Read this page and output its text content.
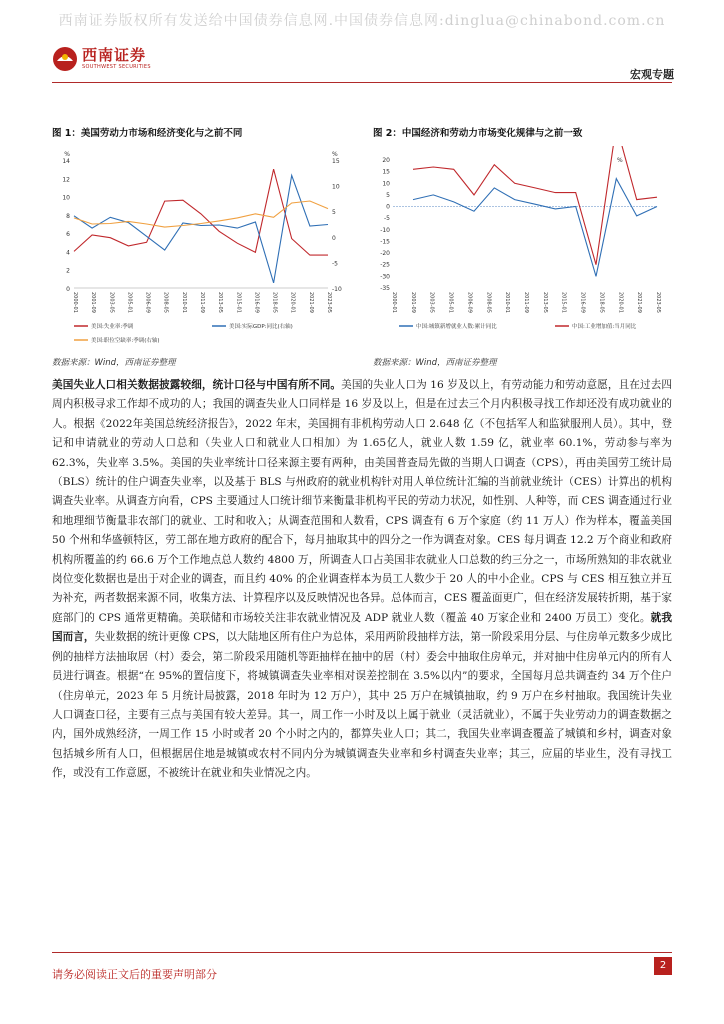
西南证券版权所有发送给中国债券信息网.中国债券信息网:dinglua@chinabond.com.cn
西南证券
SOUTHWEST SECURITIES
宏观专题
图 1：美国劳动力市场和经济变化与之前不同
14
12
10
8
6
4
2
0
15
10
5
0
-5
-10
%	%
2000-01 2001-09 2003-05 2005-01 2006-09 2008-05 2010-01 2011-09 2013-05 2015-01 2016-09 2018-05 2020-01 2021-09 2023-05
美国:失业率:季调	美国:实际GDP:同比(右轴)
美国:职位空缺率:季调(右轴)
数据来源：Wind，西南证券整理
图 2：中国经济和劳动力市场变化规律与之前一致
20
15
10
5
0
-5
-10
-15
-20
-25
-30
-35
%
2000-01	2001-09	2003-05	2005-01	2006-09	2008-05	2010-01	2011-09	2013-05	2015-01	2016-09	2018-05	2020-01	2021-09	2023-05
中国:城镇新增就业人数:累计同比	中国:工业增加值:当月同比
数据来源：Wind，西南证券整理
美国失业人口相关数据披露较细，统计口径与中国有所不同。美国的失业人口为 16 岁及以上，有劳动能力和劳动意愿，且在过去四周内积极寻求工作却不成功的人；我国的调查失业人口同样是 16 岁及以上，但是在过去三个月内积极寻找工作却还没有成功就业的人。根据《2022年美国总统经济报告》，2022 年末，美国拥有非机构劳动人口 2.648 亿（不包括军人和监狱服刑人员）。其中，登记和申请就业的劳动人口总和（失业人口和就业人口相加）为 1.65亿人，就业人数 1.59 亿，就业率 60.1%，劳动参与率为 62.3%，失业率 3.5%。美国的失业率统计口径来源主要有两种，由美国普查局先做的当期人口调查（CPS），再由美国劳工统计局（BLS）统计的住户调查失业率，以及基于 BLS 与州政府的就业机构针对用人单位统计汇编的当前就业统计（CES）计算出的机构调查失业率。从调查方向看，CPS 主要通过人口统计细节来衡量非机构平民的劳动力状况，如性别、人种等，而 CES 调查通过行业和地理细节衡量非农部门的就业、工时和收入；从调查范围和人数看，CPS 调查有 6 万个家庭（约 11 万人）作为样本，覆盖美国 50 个州和华盛顿特区，劳工部在地方政府的配合下，每月抽取其中的四分之一作为调查对象。CES 每月调查 12.2 万个商业和政府机构所覆盖的约 66.6 万个工作地点总人数约 4800 万，所调查人口占美国非农就业人口总数的约三分之一，市场所熟知的非农就业岗位变化数据也是出于对企业的调查，而且约 40% 的企业调查样本为员工人数少于 20 人的中小企业。CPS 与 CES 相互独立并互为补充，两者数据来源不同，收集方法、计算程序以及反映情况也各异。总体而言，CES 覆盖面更广，但在经济发展转折期，基于家庭部门的 CPS 通常更精确。美联储和市场较关注非农就业情况及 ADP 就业人数（覆盖 40 万家企业和 2400 万员工）变化。就我国而言，失业数据的统计更像 CPS，以大陆地区所有住户为总体，采用两阶段抽样方法，第一阶段采用分层、与住房单元数多少成比例的抽样方法抽取居（村）委会，第二阶段采用随机等距抽样在抽中的居（村）委会中抽取住房单元，并对抽中住房单元内的所有人员进行调查。根据“在 95%的置信度下，将城镇调查失业率相对误差控制在 3.5%以内”的要求，全国每月总共调查约 34 万个住户（住房单元，2023 年 5 月统计局披露，2018 年时为 12 万户），其中 25 万户在城镇抽取，约 9 万户在乡村抽取。我国统计失业人口调查口径，主要有三点与美国有较大差异。其一，周工作一小时及以上属于就业（灵活就业），不属于失业劳动力的调查数据之内，国外成熟经济，一周工作 15 小时或者 20 个小时之内的，都算失业人口；其二，我国失业率调查覆盖了城镇和乡村，调查对象包括城乡所有人口，但根据居住地是城镇或农村不同内分为城镇调查失业率和乡村调查失业率；其三，应届的毕业生，没有寻找工作，或没有工作意愿，不被统计在就业和失业情况之内。
请务必阅读正文后的重要声明部分
2
